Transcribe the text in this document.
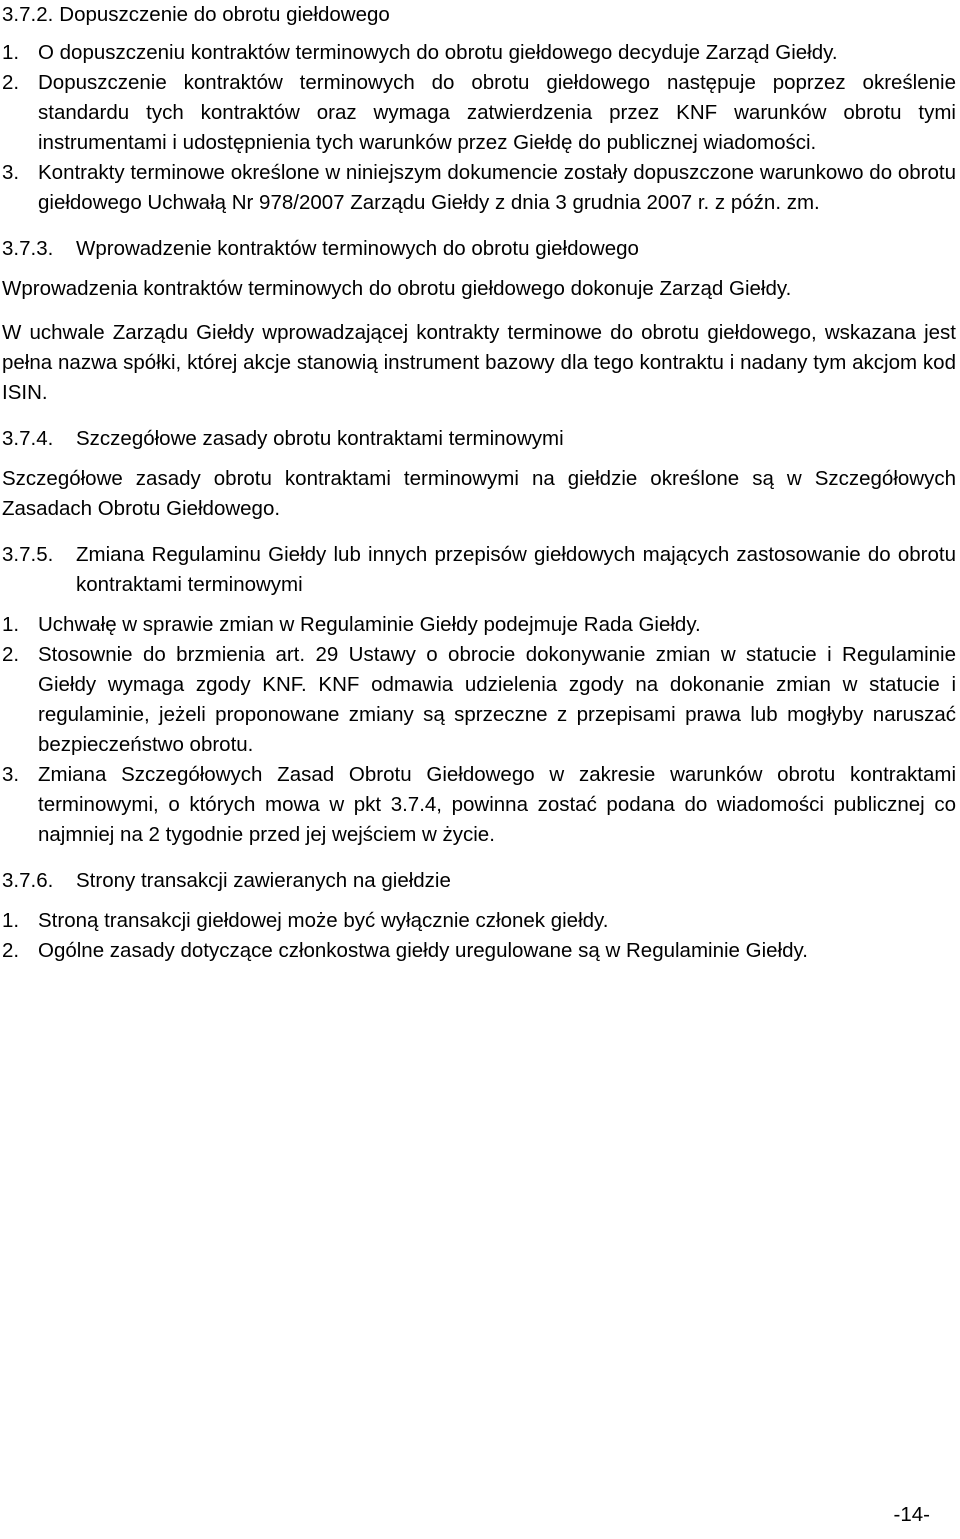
3.7.2. Dopuszczenie do obrotu giełdowego
1. O dopuszczeniu kontraktów terminowych do obrotu giełdowego decyduje Zarząd Giełdy.
2. Dopuszczenie kontraktów terminowych do obrotu giełdowego następuje poprzez określenie standardu tych kontraktów oraz wymaga zatwierdzenia przez KNF warunków obrotu tymi instrumentami i udostępnienia tych warunków przez Giełdę do publicznej wiadomości.
3. Kontrakty terminowe określone w niniejszym dokumencie zostały dopuszczone warunkowo do obrotu giełdowego Uchwałą Nr 978/2007 Zarządu Giełdy z dnia 3 grudnia 2007 r. z późn. zm.
3.7.3.	Wprowadzenie kontraktów terminowych do obrotu giełdowego

Wprowadzenia kontraktów terminowych do obrotu giełdowego dokonuje Zarząd Giełdy.

W uchwale Zarządu Giełdy wprowadzającej kontrakty terminowe do obrotu giełdowego, wskazana jest pełna nazwa spółki, której akcje stanowią instrument bazowy dla tego kontraktu i nadany tym akcjom kod ISIN.

3.7.4.	Szczegółowe zasady obrotu kontraktami terminowymi

Szczegółowe zasady obrotu kontraktami terminowymi na giełdzie określone są w Szczegółowych Zasadach Obrotu Giełdowego.

3.7.5.	Zmiana Regulaminu Giełdy lub innych przepisów giełdowych mających zastosowanie do obrotu kontraktami terminowymi
1. Uchwałę w sprawie zmian w Regulaminie Giełdy podejmuje Rada Giełdy.
2. Stosownie do brzmienia art. 29 Ustawy o obrocie dokonywanie zmian w statucie i Regulaminie Giełdy wymaga zgody KNF. KNF odmawia udzielenia zgody na dokonanie zmian w statucie i regulaminie, jeżeli proponowane zmiany są sprzeczne z przepisami prawa lub mogłyby naruszać bezpieczeństwo obrotu.
3. Zmiana Szczegółowych Zasad Obrotu Giełdowego w zakresie warunków obrotu kontraktami terminowymi, o których mowa w pkt 3.7.4, powinna zostać podana do wiadomości publicznej co najmniej na 2 tygodnie przed jej wejściem w życie.
3.7.6.	Strony transakcji zawieranych na giełdzie
1. Stroną transakcji giełdowej może być wyłącznie członek giełdy.
2. Ogólne zasady dotyczące członkostwa giełdy uregulowane są w Regulaminie Giełdy.
-14-
